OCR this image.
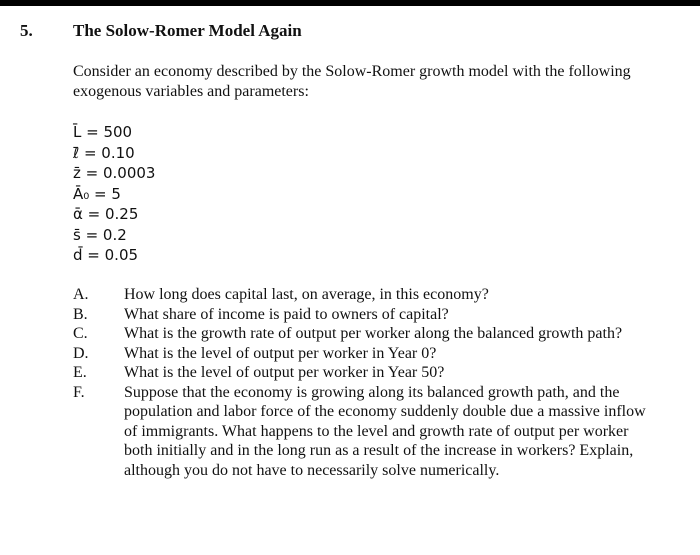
5. The Solow-Romer Model Again
Consider an economy described by the Solow-Romer growth model with the following exogenous variables and parameters:
L̄ = 500
ℓ̄ = 0.10
z̄ = 0.0003
Ā₀ = 5
ᾱ = 0.25
s̄ = 0.2
d̄ = 0.05
A.	How long does capital last, on average, in this economy?
B.	What share of income is paid to owners of capital?
C.	What is the growth rate of output per worker along the balanced growth path?
D.	What is the level of output per worker in Year 0?
E.	What is the level of output per worker in Year 50?
F.	Suppose that the economy is growing along its balanced growth path, and the population and labor force of the economy suddenly double due a massive inflow of immigrants. What happens to the level and growth rate of output per worker both initially and in the long run as a result of the increase in workers? Explain, although you do not have to necessarily solve numerically.
